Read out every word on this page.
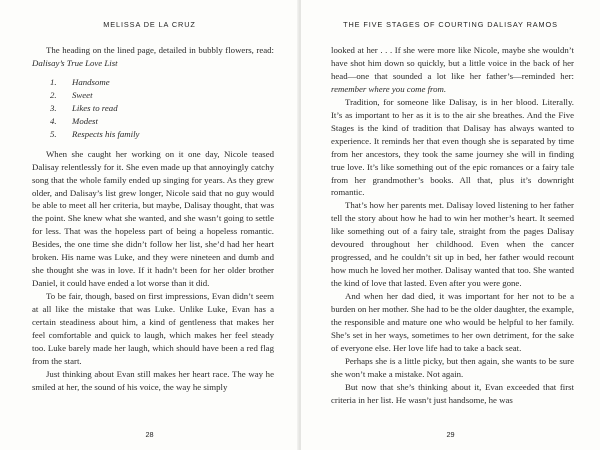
MELISSA DE LA CRUZ

The heading on the lined page, detailed in bubbly flowers, read: Dalisay’s True Love List

1.	Handsome
2.	Sweet
3.	Likes to read
4.	Modest
5.	Respects his family

When she caught her working on it one day, Nicole teased Dalisay relentlessly for it. She even made up that annoyingly catchy song that the whole family ended up singing for years. As they grew older, and Dalisay’s list grew longer, Nicole said that no guy would be able to meet all her criteria, but maybe, Dalisay thought, that was the point. She knew what she wanted, and she wasn’t going to settle for less. That was the hopeless part of being a hopeless romantic. Besides, the one time she didn’t follow her list, she’d had her heart broken. His name was Luke, and they were nineteen and dumb and she thought she was in love. If it hadn’t been for her older brother Daniel, it could have ended a lot worse than it did.

To be fair, though, based on first impressions, Evan didn’t seem at all like the mistake that was Luke. Unlike Luke, Evan has a certain steadiness about him, a kind of gentleness that makes her feel comfortable and quick to laugh, which makes her feel steady too. Luke barely made her laugh, which should have been a red flag from the start.

Just thinking about Evan still makes her heart race. The way he smiled at her, the sound of his voice, the way he simply

28
THE FIVE STAGES OF COURTING DALISAY RAMOS

looked at her . . . If she were more like Nicole, maybe she wouldn’t have shot him down so quickly, but a little voice in the back of her head—one that sounded a lot like her father’s—reminded her: remember where you come from.

Tradition, for someone like Dalisay, is in her blood. Literally. It’s as important to her as it is to the air she breathes. And the Five Stages is the kind of tradition that Dalisay has always wanted to experience. It reminds her that even though she is separated by time from her ancestors, they took the same journey she will in finding true love. It’s like something out of the epic romances or a fairy tale from her grandmother’s books. All that, plus it’s downright romantic.

That’s how her parents met. Dalisay loved listening to her father tell the story about how he had to win her mother’s heart. It seemed like something out of a fairy tale, straight from the pages Dalisay devoured throughout her childhood. Even when the cancer progressed, and he couldn’t sit up in bed, her father would recount how much he loved her mother. Dalisay wanted that too. She wanted the kind of love that lasted. Even after you were gone.

And when her dad died, it was important for her not to be a burden on her mother. She had to be the older daughter, the example, the responsible and mature one who would be helpful to her family. She’s set in her ways, sometimes to her own detriment, for the sake of everyone else. Her love life had to take a back seat.

Perhaps she is a little picky, but then again, she wants to be sure she won’t make a mistake. Not again.

But now that she’s thinking about it, Evan exceeded that first criteria in her list. He wasn’t just handsome, he was

29
